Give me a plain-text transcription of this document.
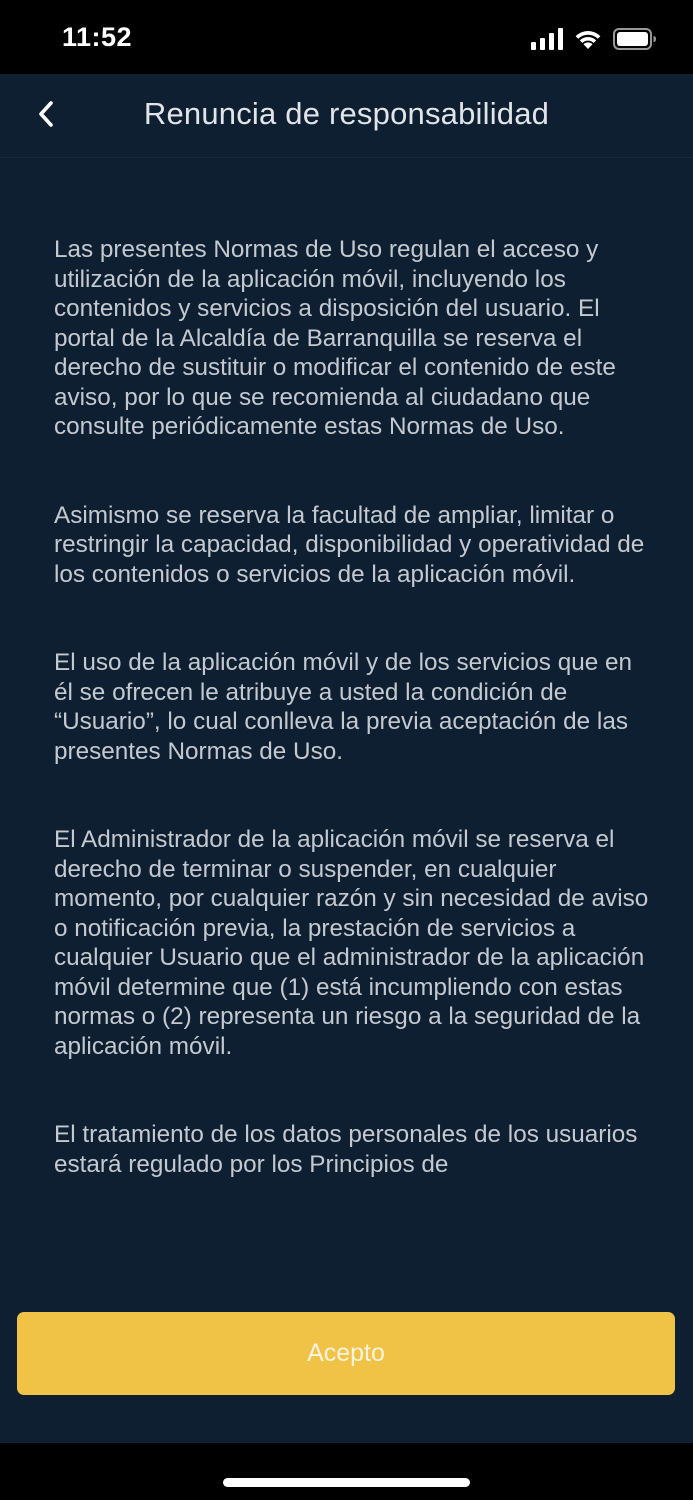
11:52
Renuncia de responsabilidad

Las presentes Normas de Uso regulan el acceso y utilización de la aplicación móvil, incluyendo los contenidos y servicios a disposición del usuario. El portal de la Alcaldía de Barranquilla se reserva el derecho de sustituir o modificar el contenido de este aviso, por lo que se recomienda al ciudadano que consulte periódicamente estas Normas de Uso.

Asimismo se reserva la facultad de ampliar, limitar o restringir la capacidad, disponibilidad y operatividad de los contenidos o servicios de la aplicación móvil.

El uso de la aplicación móvil y de los servicios que en él se ofrecen le atribuye a usted la condición de “Usuario”, lo cual conlleva la previa aceptación de las presentes Normas de Uso.

El Administrador de la aplicación móvil se reserva el derecho de terminar o suspender, en cualquier momento, por cualquier razón y sin necesidad de aviso o notificación previa, la prestación de servicios a cualquier Usuario que el administrador de la aplicación móvil determine que (1) está incumpliendo con estas normas o (2) representa un riesgo a la seguridad de la aplicación móvil.

El tratamiento de los datos personales de los usuarios estará regulado por los Principios de

Acepto
